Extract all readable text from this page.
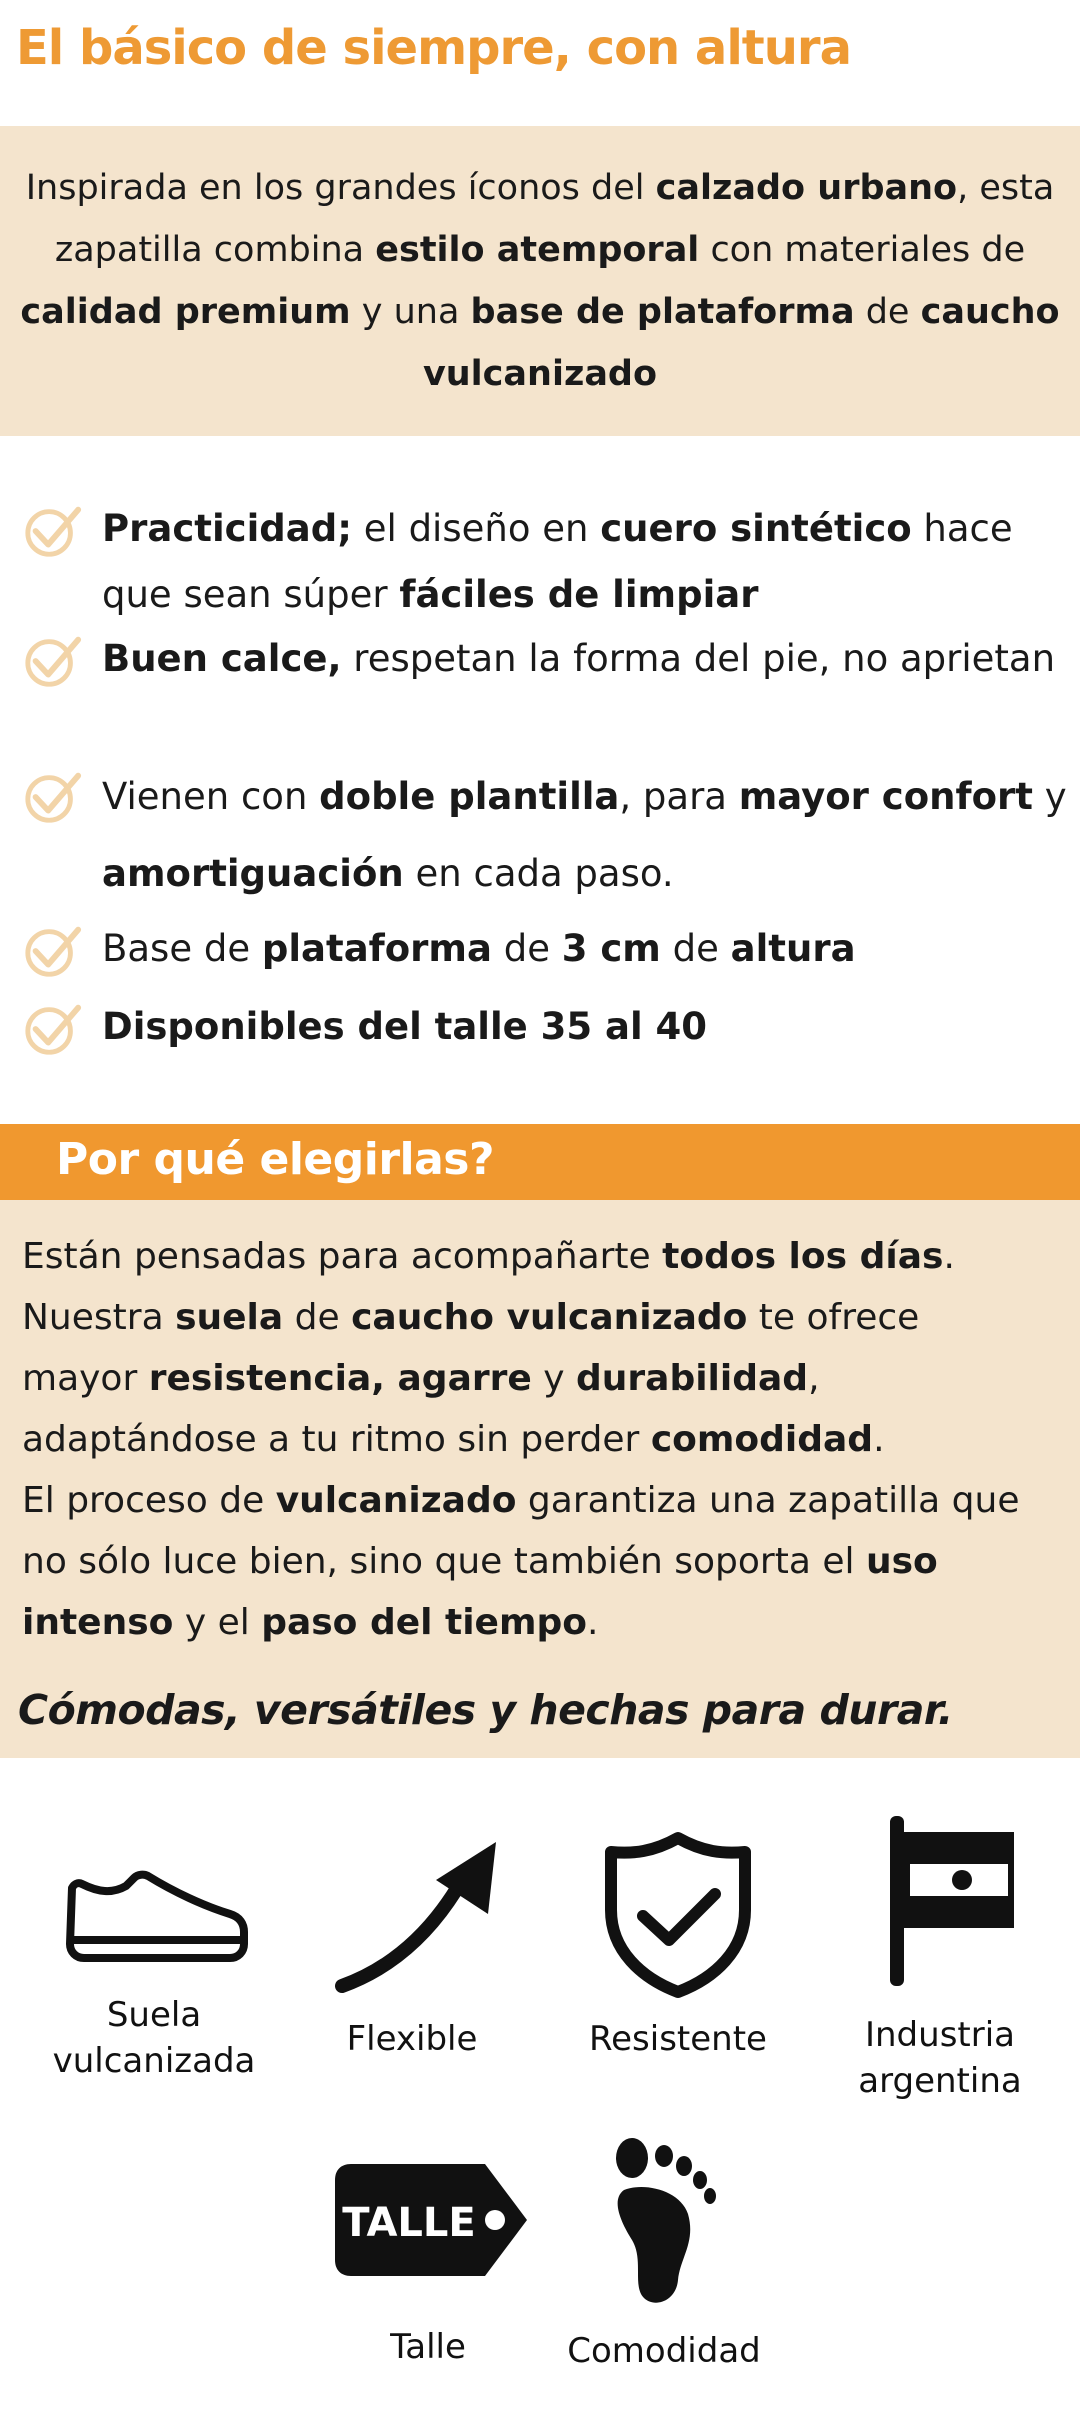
El básico de siempre, con altura

Inspirada en los grandes íconos del calzado urbano, esta zapatilla combina estilo atemporal con materiales de calidad premium y una base de plataforma de caucho vulcanizado

Practicidad; el diseño en cuero sintético hace que sean súper fáciles de limpiar
Buen calce, respetan la forma del pie, no aprietan
Vienen con doble plantilla, para mayor confort y amortiguación en cada paso.
Base de plataforma de 3 cm de altura
Disponibles del talle 35 al 40
Por qué elegirlas?
Están pensadas para acompañarte todos los días.
Nuestra suela de caucho vulcanizado te ofrece
mayor resistencia, agarre y durabilidad,
adaptándose a tu ritmo sin perder comodidad.
El proceso de vulcanizado garantiza una zapatilla que
no sólo luce bien, sino que también soporta el uso
intenso y el paso del tiempo.
Cómodas, versátiles y hechas para durar.
Suela
vulcanizada
Flexible	Resistente	Industria
argentina
TALLE
Talle	Comodidad
